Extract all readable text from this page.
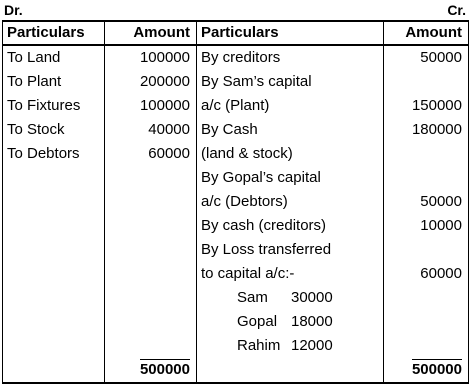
Dr.	Cr.
Particulars	Amount	Particulars	Amount
To Land	100000	By creditors	50000
To Plant	200000	By Sam’s capital	
To Fixtures	100000	a/c (Plant)	150000
To Stock	40000	By Cash	180000
To Debtors	60000	(land & stock)	
		By Gopal’s capital	
		a/c (Debtors)	50000
		By cash (creditors)	10000
		By Loss transferred	
		to capital a/c:-	60000
		Sam 30000	
		Gopal 18000	
		Rahim 12000	
	500000		500000
